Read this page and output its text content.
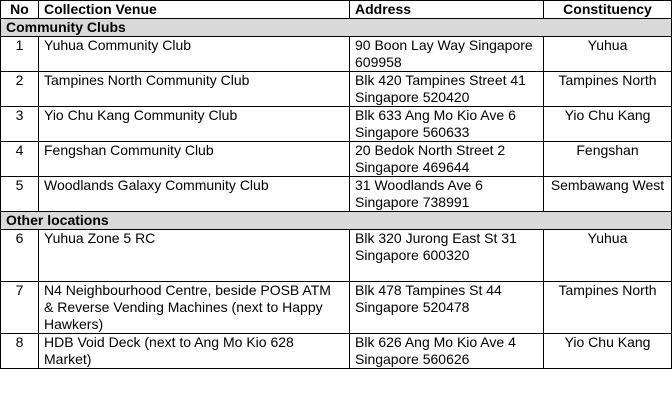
No	Collection Venue	Address	Constituency
Community Clubs			
1	Yuhua Community Club	90 Boon Lay Way Singapore 609958	Yuhua
2	Tampines North Community Club	Blk 420 Tampines Street 41 Singapore 520420	Tampines North
3	Yio Chu Kang Community Club	Blk 633 Ang Mo Kio Ave 6 Singapore 560633	Yio Chu Kang
4	Fengshan Community Club	20 Bedok North Street 2 Singapore 469644	Fengshan
5	Woodlands Galaxy Community Club	31 Woodlands Ave 6 Singapore 738991	Sembawang West
Other locations			
6	Yuhua Zone 5 RC	Blk 320 Jurong East St 31 Singapore 600320	Yuhua
7	N4 Neighbourhood Centre, beside POSB ATM & Reverse Vending Machines (next to Happy Hawkers)	Blk 478 Tampines St 44 Singapore 520478	Tampines North
8	HDB Void Deck (next to Ang Mo Kio 628 Market)	Blk 626 Ang Mo Kio Ave 4 Singapore 560626	Yio Chu Kang
